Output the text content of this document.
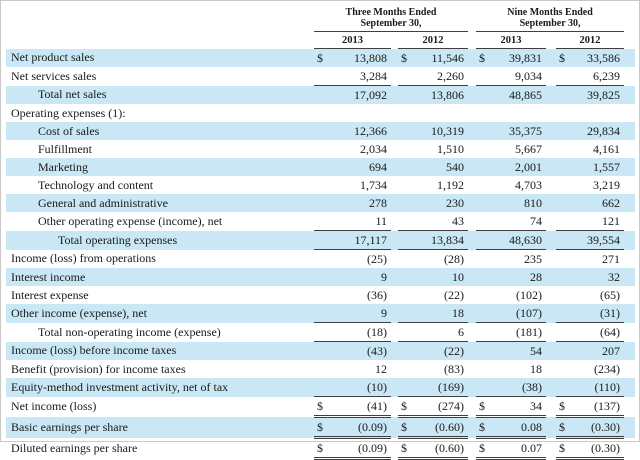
	Three Months Ended
September 30,				Nine Months Ended
September 30,			
	2013		2012		2013		2012	
Net product sales	$ 13,808		$ 11,546		$ 39,831		$ 33,586	

Net services sales	3,284		2,260		9,034		6,239	

Total net sales	17,092		13,806		48,865		39,825	

Operating expenses (1):								
Cost of sales	12,366		10,319		35,375		29,834	

Fulfillment	2,034		1,510		5,667		4,161	

Marketing	694		540		2,001		1,557	

Technology and content	1,734		1,192		4,703		3,219	

General and administrative	278		230		810		662	

Other operating expense (income), net	11		43		74		121	

Total operating expenses	17,117		13,834		48,630		39,554	

Income (loss) from operations	(25)		(28)		235		271	

Interest income	9		10		28		32	

Interest expense	(36)		(22)		(102)		(65)	

Other income (expense), net	9		18		(107)		(31)	

Total non-operating income (expense)	(18)		6		(181)		(64)	

Income (loss) before income taxes	(43)		(22)		54		207	

Benefit (provision) for income taxes	12		(83)		18		(234)	

Equity-method investment activity, net of tax	(10)		(169)		(38)		(110)	

Net income (loss)	$ (41)		$ (274)		$ 34		$ (137)	

Basic earnings per share	$ (0.09)		$ (0.60)		$ 0.08		$ (0.30)	

Diluted earnings per share	$ (0.09)		$ (0.60)		$ 0.07		$ (0.30)	
